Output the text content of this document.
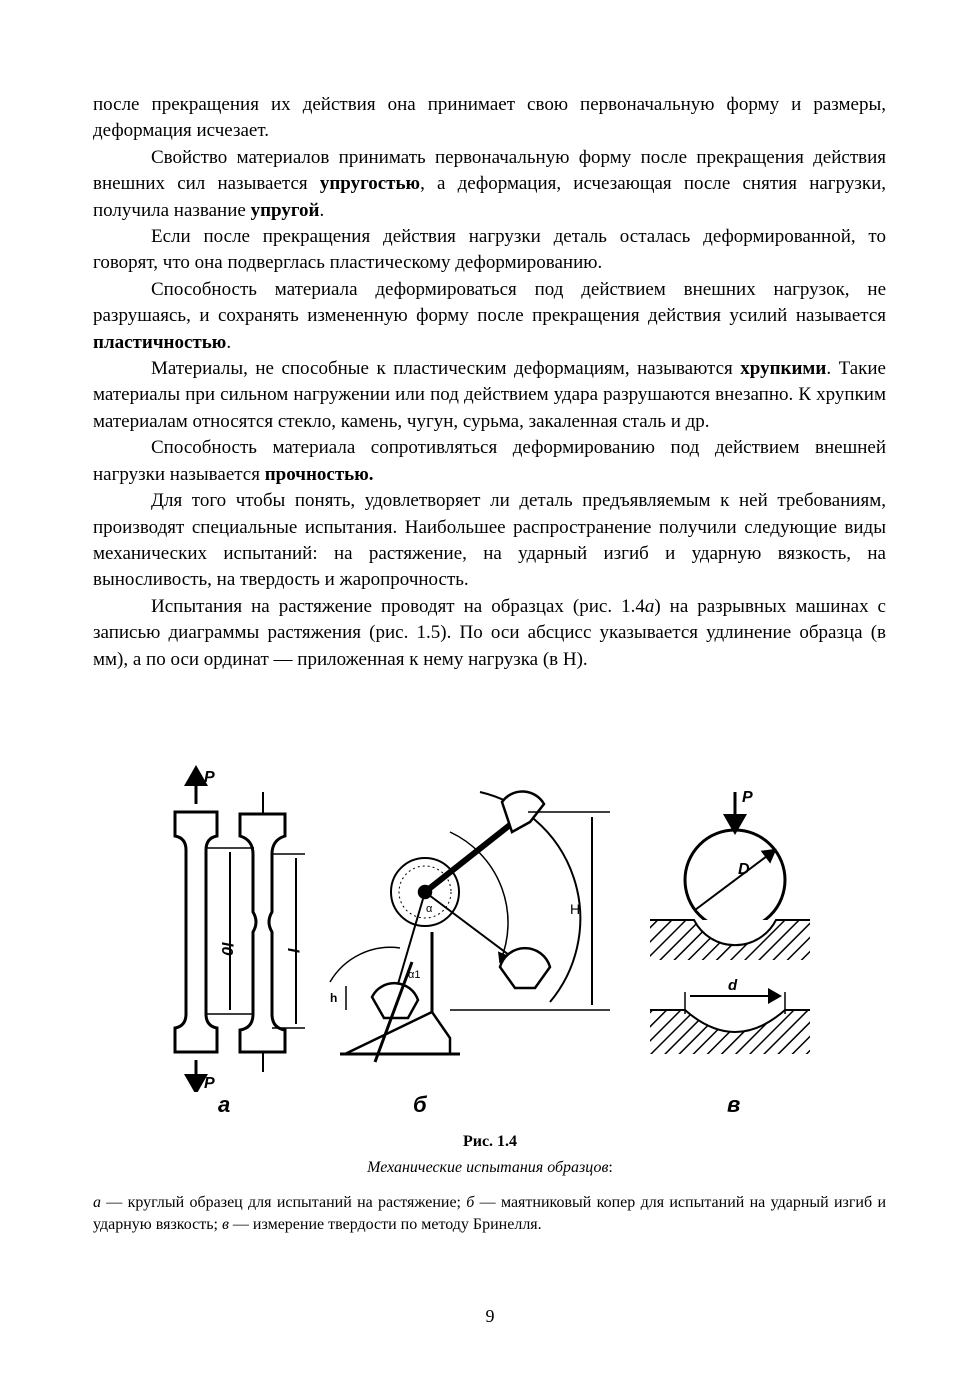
после прекращения их действия она принимает свою первоначальную форму и размеры, деформация исчезает.

Свойство материалов принимать первоначальную форму после прекращения действия внешних сил называется упругостью, а деформация, исчезающая после снятия нагрузки, получила название упругой.

Если после прекращения действия нагрузки деталь осталась деформированной, то говорят, что она подверглась пластическому деформированию.

Способность материала деформироваться под действием внешних нагрузок, не разрушаясь, и сохранять измененную форму после прекращения действия усилий называется пластичностью.

Материалы, не способные к пластическим деформациям, называются хрупкими. Такие материалы при сильном нагружении или под действием удара разрушаются внезапно. К хрупким материалам относятся стекло, камень, чугун, сурьма, закаленная сталь и др.

Способность материала сопротивляться деформированию под действием внешней нагрузки называется прочностью.

Для того чтобы понять, удовлетворяет ли деталь предъявляемым к ней требованиям, производят специальные испытания. Наибольшее распространение получили следующие виды механических испытаний: на растяжение, на ударный изгиб и ударную вязкость, на выносливость, на твердость и жаропрочность.

Испытания на растяжение проводят на образцах (рис. 1.4а) на разрывных машинах с записью диаграммы растяжения (рис. 1.5). По оси абсцисс указывается удлинение образца (в мм), а по оси ординат — приложенная к нему нагрузка (в Н).

P
P
l0	l
α
α1
H
h
P
D
d
а	б	в
Рис. 1.4
Механические испытания образцов:
а — круглый образец для испытаний на растяжение; б — маятниковый копер для испытаний на ударный изгиб и ударную вязкость; в — измерение твердости по методу Бринелля.
9
